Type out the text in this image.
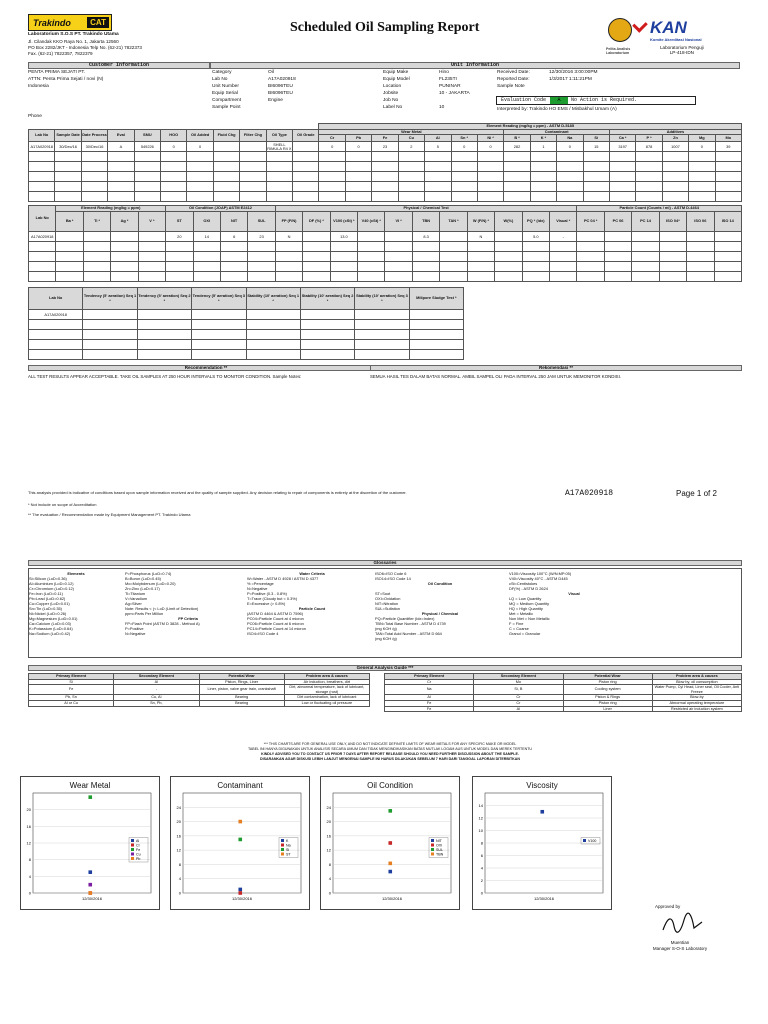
Trakindo	CAT
Laboratorium S.O.S PT. Trakindo Utama
Jl. Cilandak KKO Raya No. 1, Jakarta 12560
PO Box 2282/JKT - Indonesia Telp No. (62-21) 7822373
Fax. (62-21) 7822357, 7822379
Scheduled Oil Sampling Report
Pelita Analisis Laboratorium
KAN
Komite Akreditasi Nasional
Laboratorium Penguji
LP-418-IDN
Customer Information	Unit Information
PENTA PRIMA SEJATI PT.
ATTN: Penta Prima Sejati / novi (N)
Indonesia
Phone
Category	Oil
Lab No	A17A020918
Unit Number	BI6096TEU
Equip Serial	BI6096TEU
Compartment	Engine
Sample Point
Equip Make	Hino
Equip Model	FL235TI
Location	PUNINAR
Jobsite	10 - JAKARTA
Job No
Label No	10
Received Date:	12/30/2016 3:00:00PM
Reported Date:	1/3/2017 1:11:21PM
Sample Note
Evaluation Code A No Action is Required.
Interpreted by: Trakindo HO EMS / Misbakhul Umam (A)
											Element Reading (mg/kg = ppm) - ASTM D-5185															
Lab No	Sample Date	Date Process	Eval	SMU	HOO	Oil Added	Fluid Chg	Filter Chg	Oil Type	Oil Grade	Wear Metal							Contaminant				Additives				
											Cr	Pb	Fe	Cu	Al	Sn *	Ni *	B *	K *	Na	Si	Ca *	P *	Zn	Mg	Mo
A17A020918	30/Dec/16	30/Dec/16	A	549226	0	0			SHELL RIMULA R4 X		0	0	23	2	5	0	0	282	1	0	15	3197	878	1007	0	39

Lab No	Element Reading (mg/kg = ppm)				Oil Condition (JOAP) ASTM E2412				Physical / Chemical Test											Particle Count (Counts / ml) - ASTM D-4464					
	Ba *	Ti *	Ag *	V *	ST	OXI	NIT	SUL	FP (F/N)	DF (%) *	V100 (cSt) *	V40 (cSt) *	VI *	TBN	TAN *	W (F/N) *	W(%)	PQ * (idx)	Visual *	PC 04 *	PC 06	PC 14	ISO 04*	ISO 06	ISO 14
A17A020918					20	14	6	23	N		13.0			8.3		N		5.0	-						

Lab No	Tendency (5' aeration) Seq 1 *	Tendency (5' aeration) Seq 2 *	Tendency (5' aeration) Seq 3 *	Stability (10' aeration) Seq 1 *	Stability (10' aeration) Seq 2 *	Stability (10' aeration) Seq 3 *	Milipore Sludge Test *
A17A020918							

Recommendation **	Rekomendasi **
ALL TEST RESULTS APPEAR ACCEPTABLE. TAKE OIL SAMPLES AT 250 HOUR INTERVALS TO MONITOR CONDITION. Sample Notes:	SEMUA HASIL TES DALAM BATAS NORMAL. AMBIL SAMPEL OLI PADA INTERVAL 250 JAM UNTUK MEMONITOR KONDISI.
This analysis provided is indicative of conditions based upon sample information received and the quality of sample supplied. Any decision relating to repair of components is entirely at the discretion of the customer.	A17A020918	Page 1 of 2
* Not include on scope of Accreditation
** The evaluation / Recommendation made by Equipment Management PT. Trakindo Utama
Glossaries
Elements
Si=Silicon (LoD=0.36)
Al=Aluminium (LoD=0.12)
Cr=Chromium (LoD=0.12)
Fe=Iron (LoD=0.11)
Pb=Lead (LoD=0.62)
Cu=Copper (LoD=0.01)
Sn=Tin (LoD=0.35)
Ni=Nickel (LoD=0.26)
Mg=Magnesium (LoD=0.01)
Ca=Calcium (LoD=0.03)
K=Potassium (LoD=0.64)
Na=Sodium (LoD=0.42)
P=Phosphorus (LoD=0.74)
B=Boron (LoD=0.45)
Mo=Molybdenum (LoD=0.20)
Zn=Zinc (LoD=0.17)
Ti=Titanium
V=Vanadium
Ag=Silver
Note: Results < (< LoD (Limit of Detection)
ppm=Parts Per Million
FP Criteria
FP=Flash Point (ASTM D 3828 - Method A)
P=Positive
N=Negative
Water Criteria
W=Water - ASTM D 4928 / ASTM D 4377
% =Percentage
N=Negative
P=Positive (0.3 - 0.8%)
T=Trace (Cloudy but < 0.3%)
E=Excessive (> 0.8%)
Particle Count
(ASTM D 4464 & ASTM D 7596)
PC04=Particle Count at 4 micron
PC06=Particle Count at 6 micron
PC14=Particle Count at 14 micron
ISO4=ISO Code 4
ISO6=ISO Code 6
ISO14=ISO Code 14
Oil Condition

ST=Soot
OXI=Oxidation
NIT=Nitration
SUL=Sulfation
Physical / Chemical
PQ=Particle Quantifier (Idx=Index)
TBN=Total Base Number - ASTM D 4739
(mg KOH /g)
TAN=Total Acid Number - ASTM D 664
(mg KOH /g)
V100=Viscosity 100°C (W/N:MP:05)
V40=Viscosity 40°C - ASTM D445
cSt=Centistokes
DF(%) - ASTM D 2624
Visual
LQ = Low Quantity
MQ = Medium Quantity
HQ = High Quantity
Met = Metallic
Non Met = Non Metallic
F = Fine
C = Coarse
Granul = Granular
General Analysis Guide ***
Primary Element	Secondary Element	Potential Wear	Problem area & causes
Si	Al	Piston, Rings, Liner	Air induction, breathers, dirt
Fe	-	Liner, piston, valve gear train, crankshaft	Dirt, abnormal temperature, lack of lubricant, storage (rust)
Pb, Sn	Cu, Al	Bearing	Dirt contamination, lack of lubricant
Al or Cu	Sn, Pb,	Bearing	Low or fluctuating oil pressure
Primary Element	Secondary Element	Potential Wear	Problem area & causes
Cr	Mo	Piston ring	Blow by, oil consumption
Na	Si, B	Cooling system	Water Pump, Cyl Head, Liner seal, Oil Cooler, Anti Freeze
Al	Cr	Piston & Rings	Blow-by
Fe	Cr	Piston ring	Abnormal operating temperature
Fe	Al	Liner	Restricted air induction system
*** THIS CHARTS ARE FOR GENERAL USE ONLY, AND DO NOT INDICATE DEFINITE LIMITS OF WEAR METALS FOR ANY SPECIFIC MAKE OR MODEL
TABEL INI HANYA DIGUNAKAN UNTUK ANALISIS SECARA UMUM DAN TIDAK MENGINDIKASIKAN BATAS MUTLAK LOGAM AUS UNTUK MODEL DAN MEREK TERTENTU
KINDLY ADVISED YOU TO CONTACT US PRIOR 7 DAYS AFTER REPORT RELEASE SHOULD YOU NEED FURTHER DISCUSSION ABOUT THE SAMPLE.
DISARANKAN AGAR DISKUSI LEBIH LANJUT MENGENAI SAMPLE INI HARUS DILAKUKAN SEBELUM 7 HARI DARI TANGGAL LAPORAN DITERBITKAN
Wear Metal
0
4
8
12
16
20
12/30/2016
Al
Cr
Fe
Cu
Pb
Contaminant
0
4
8
12
16
20
24
12/30/2016
K
Na
Si
ST
Oil Condition
0
4
8
12
16
20
24
12/30/2016
NIT
OXI
SUL
TBN
Viscosity
0
2
4
6
8
10
12
14
12/30/2016
V100
Approved by
Muentian
Manager S-O-S Laboratory
